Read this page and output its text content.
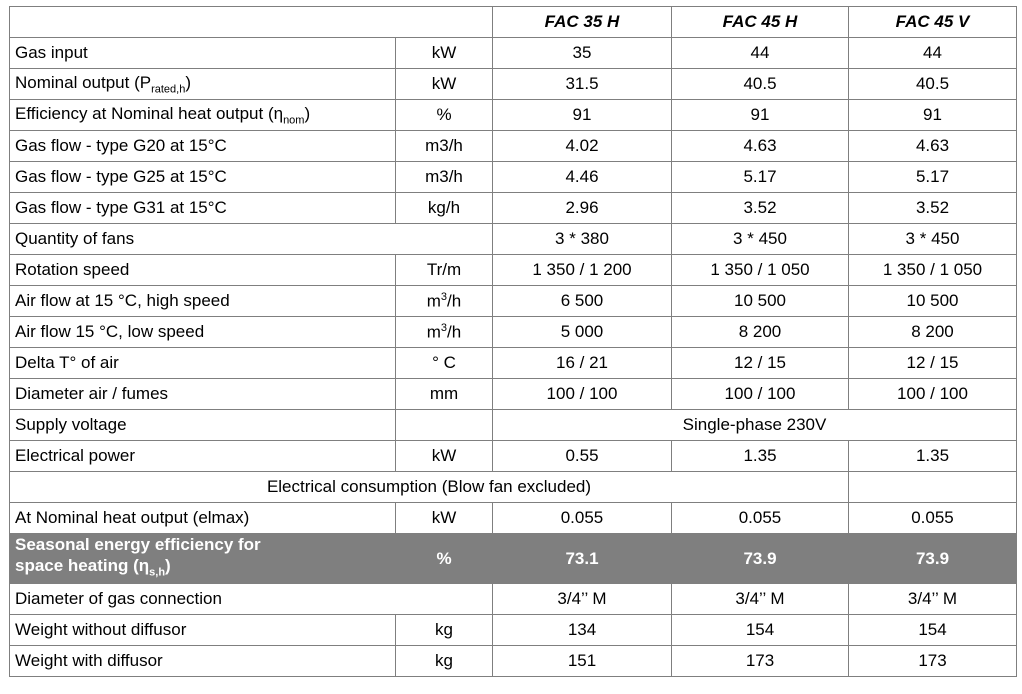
		FAC 35 H	FAC 45 H	FAC 45 V
Gas input	kW	35	44	44
Nominal output $(P_{rated,h})$	kW	31.5	40.5	40.5
Efficiency at Nominal heat output $(\eta_{nom})$	%	91	91	91
Gas flow - type G20 at 15°C	m3/h	4.02	4.63	4.63
Gas flow - type G25 at 15°C	m3/h	4.46	5.17	5.17
Gas flow - type G31 at 15°C	kg/h	2.96	3.52	3.52
Quantity of fans		3 * 380	3 * 450	3 * 450
Rotation speed	Tr/m	1 350 / 1 200	1 350 / 1 050	1 350 / 1 050
Air flow at 15 °C, high speed	$m^3/h$	6 500	10 500	10 500
Air flow 15 °C, low speed	$m^3/h$	5 000	8 200	8 200
Delta T° of air	° C	16 / 21	12 / 15	12 / 15
Diameter air / fumes	mm	100 / 100	100 / 100	100 / 100
Supply voltage		Single-phase 230V		
Electrical power	kW	0.55	1.35	1.35
Electrical consumption (Blow fan excluded)				
At Nominal heat output (elmax)	kW	0.055	0.055	0.055
Seasonal energy efficiency for
space heating $(\eta_{s,h})$	%	73.1	73.9	73.9
Diameter of gas connection		3/4’’ M	3/4’’ M	3/4’’ M
Weight without diffusor	kg	134	154	154
Weight with diffusor	kg	151	173	173
